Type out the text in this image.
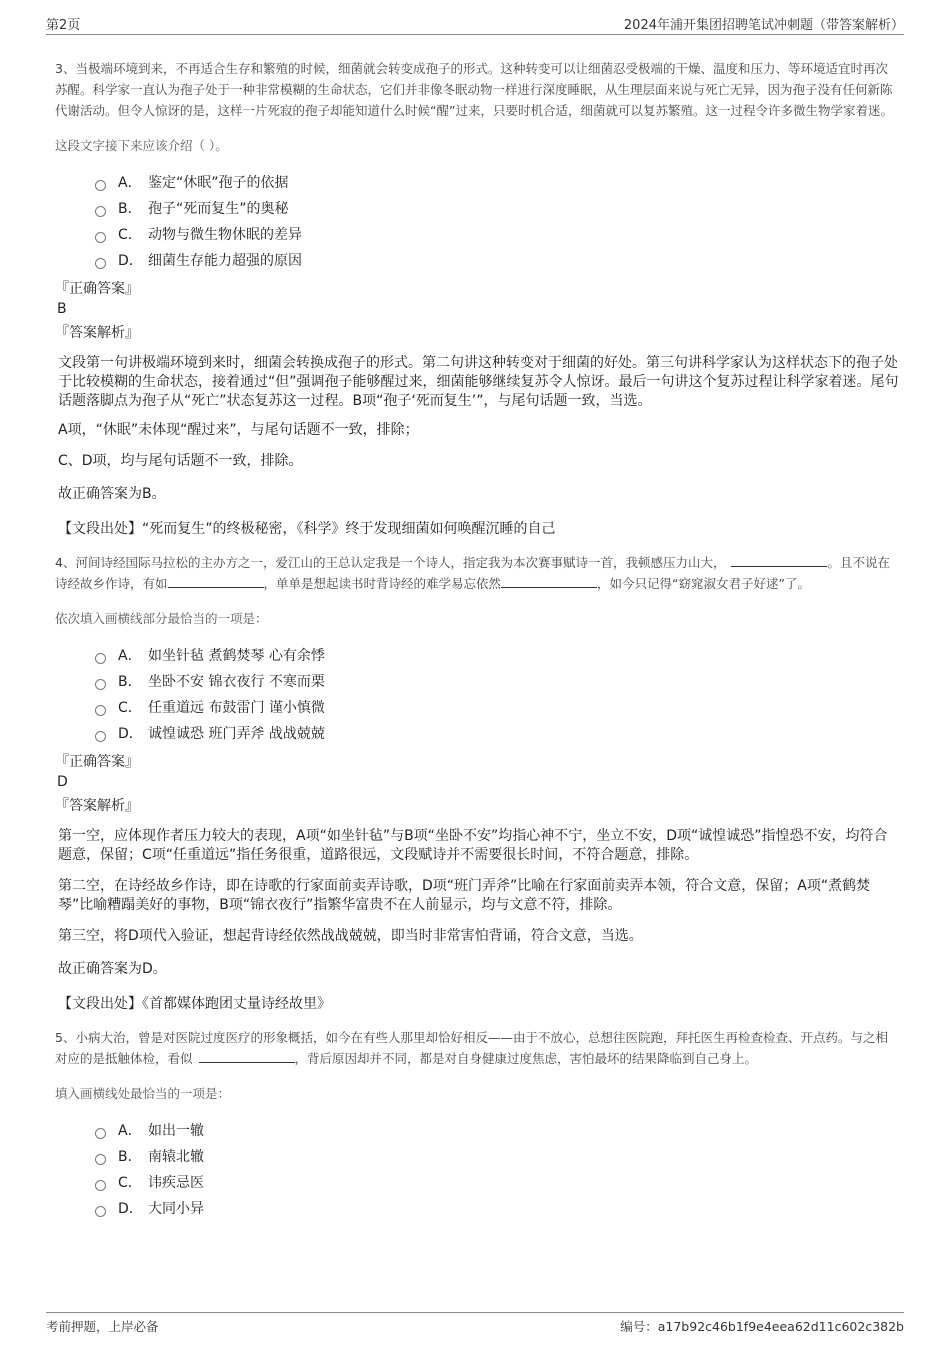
第2页	2024年浦开集团招聘笔试冲刺题（带答案解析）

3、当极端环境到来，不再适合生存和繁殖的时候，细菌就会转变成孢子的形式。这种转变可以让细菌忍受极端的干燥、温度和压力、等环境适宜时再次苏醒。科学家一直认为孢子处于一种非常模糊的生命状态，它们并非像冬眠动物一样进行深度睡眠，从生理层面来说与死亡无异，因为孢子没有任何新陈代谢活动。但令人惊讶的是，这样一片死寂的孢子却能知道什么时候“醒”过来，只要时机合适，细菌就可以复苏繁殖。这一过程令许多微生物学家着迷。

这段文字接下来应该介绍（ ）。

A． 鉴定“休眠”孢子的依据
B． 孢子“死而复生”的奥秘
C． 动物与微生物休眠的差异
D． 细菌生存能力超强的原因
『正确答案』
B
『答案解析』

文段第一句讲极端环境到来时，细菌会转换成孢子的形式。第二句讲这种转变对于细菌的好处。第三句讲科学家认为这样状态下的孢子处于比较模糊的生命状态，接着通过“但”强调孢子能够醒过来，细菌能够继续复苏令人惊讶。最后一句讲这个复苏过程让科学家着迷。尾句话题落脚点为孢子从“死亡”状态复苏这一过程。B项“孢子‘死而复生’”，与尾句话题一致，当选。

A项，“休眠”未体现“醒过来”，与尾句话题不一致，排除；

C、D项，均与尾句话题不一致，排除。

故正确答案为B。

【文段出处】“死而复生”的终极秘密，《科学》终于发现细菌如何唤醒沉睡的自己

4、河间诗经国际马拉松的主办方之一，爱江山的王总认定我是一个诗人，指定我为本次赛事赋诗一首，我顿感压力山大，	。且不说在诗经故乡作诗，有如	，单单是想起读书时背诗经的难学易忘依然	，如今只记得“窈窕淑女君子好逑”了。

依次填入画横线部分最恰当的一项是：

A． 如坐针毡 煮鹤焚琴 心有余悸
B． 坐卧不安 锦衣夜行 不寒而栗
C． 任重道远 布鼓雷门 谨小慎微
D． 诚惶诚恐 班门弄斧 战战兢兢
『正确答案』
D
『答案解析』

第一空，应体现作者压力较大的表现，A项“如坐针毡”与B项“坐卧不安”均指心神不宁，坐立不安，D项“诚惶诚恐”指惶恐不安，均符合题意，保留；C项“任重道远”指任务很重，道路很远，文段赋诗并不需要很长时间，不符合题意，排除。

第二空，在诗经故乡作诗，即在诗歌的行家面前卖弄诗歌，D项“班门弄斧”比喻在行家面前卖弄本领，符合文意，保留；A项“煮鹤焚琴”比喻糟蹋美好的事物，B项“锦衣夜行”指繁华富贵不在人前显示，均与文意不符，排除。

第三空，将D项代入验证，想起背诗经依然战战兢兢，即当时非常害怕背诵，符合文意，当选。

故正确答案为D。

【文段出处】《首都媒体跑团丈量诗经故里》

5、小病大治，曾是对医院过度医疗的形象概括，如今在有些人那里却恰好相反——由于不放心，总想往医院跑，拜托医生再检查检查、开点药。与之相对应的是抵触体检，看似	，背后原因却并不同，都是对自身健康过度焦虑，害怕最坏的结果降临到自己身上。

填入画横线处最恰当的一项是：

A． 如出一辙
B． 南辕北辙
C． 讳疾忌医
D． 大同小异
考前押题，上岸必备	编号：a17b92c46b1f9e4eea62d11c602c382b
